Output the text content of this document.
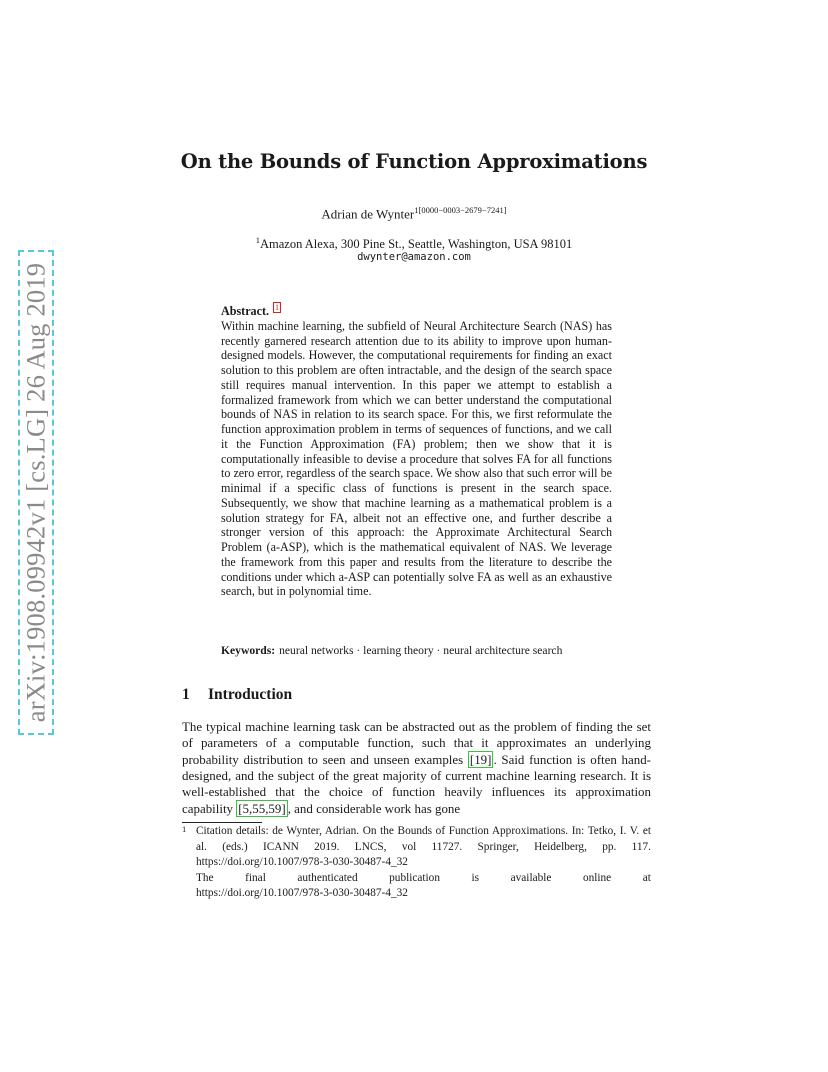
arXiv:1908.09942v1 [cs.LG] 26 Aug 2019
On the Bounds of Function Approximations
Adrian de Wynter$^{1[0000-0003-2679-7241]}$
$^1$Amazon Alexa, 300 Pine St., Seattle, Washington, USA 98101
dwynter@amazon.com
Abstract. 1
Within machine learning, the subfield of Neural Architecture Search (NAS) has recently garnered research attention due to its ability to improve upon human-designed models. However, the computational requirements for finding an exact solution to this problem are often intractable, and the design of the search space still requires manual intervention. In this paper we attempt to establish a formalized framework from which we can better understand the computational bounds of NAS in relation to its search space. For this, we first reformulate the function approximation problem in terms of sequences of functions, and we call it the Function Approximation (FA) problem; then we show that it is computationally infeasible to devise a procedure that solves FA for all functions to zero error, regardless of the search space. We show also that such error will be minimal if a specific class of functions is present in the search space. Subsequently, we show that machine learning as a mathematical problem is a solution strategy for FA, albeit not an effective one, and further describe a stronger version of this approach: the Approximate Architectural Search Problem (a-ASP), which is the mathematical equivalent of NAS. We leverage the framework from this paper and results from the literature to describe the conditions under which a-ASP can potentially solve FA as well as an exhaustive search, but in polynomial time.
Keywords: neural networks · learning theory · neural architecture search
1 Introduction
The typical machine learning task can be abstracted out as the problem of finding the set of parameters of a computable function, such that it approximates an underlying probability distribution to seen and unseen examples [19] . Said function is often hand-designed, and the subject of the great majority of current machine learning research. It is well-established that the choice of function heavily influences its approximation capability [5,55,59] , and considerable work has gone
1 Citation details: de Wynter, Adrian. On the Bounds of Function Approximations. In: Tetko, I. V. et al. (eds.) ICANN 2019. LNCS, vol 11727. Springer, Heidelberg, pp. 117. https://doi.org/10.1007/978-3-030-30487-4_32
The	final	authenticated	publication	is	available	online	at
https://doi.org/10.1007/978-3-030-30487-4_32
